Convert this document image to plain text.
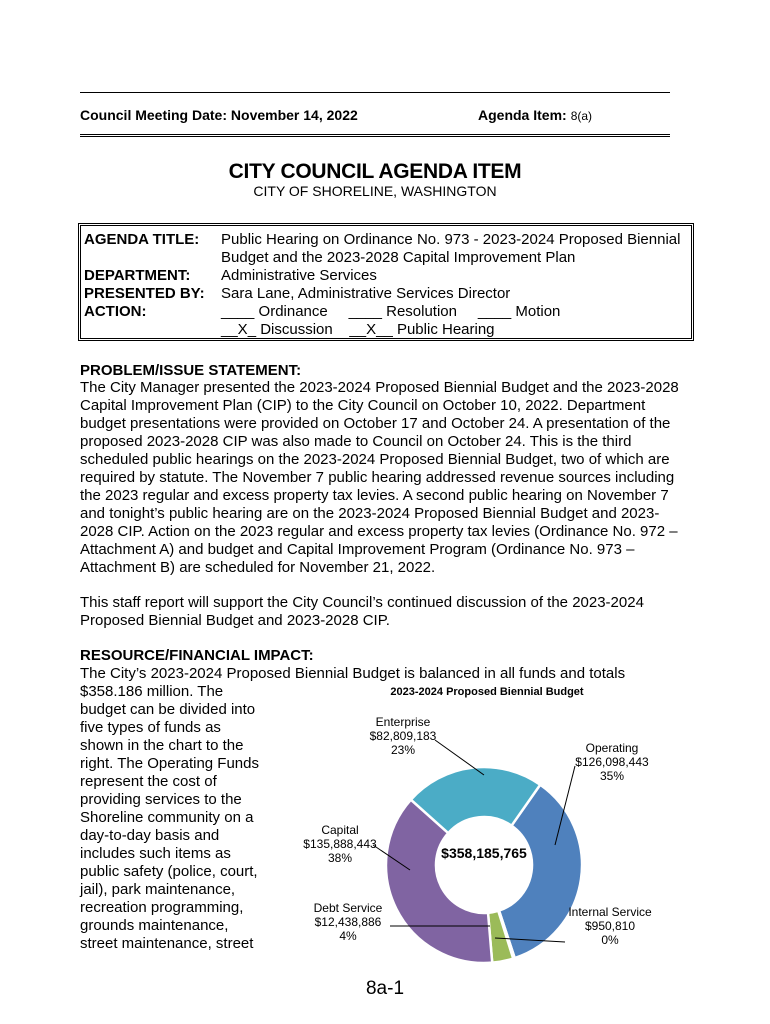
Council Meeting Date: November 14, 2022	Agenda Item: 8(a)
CITY COUNCIL AGENDA ITEM
CITY OF SHORELINE, WASHINGTON
AGENDA TITLE: Public Hearing on Ordinance No. 973 - 2023-2024 Proposed Biennial
Budget and the 2023-2028 Capital Improvement Plan
DEPARTMENT: Administrative Services
PRESENTED BY: Sara Lane, Administrative Services Director
ACTION:	____ Ordinance     ____ Resolution     ____ Motion
__X_ Discussion    __X__ Public Hearing
PROBLEM/ISSUE STATEMENT:
The City Manager presented the 2023-2024 Proposed Biennial Budget and the 2023-2028
Capital Improvement Plan (CIP) to the City Council on October 10, 2022. Department
budget presentations were provided on October 17 and October 24. A presentation of the
proposed 2023-2028 CIP was also made to Council on October 24. This is the third
scheduled public hearings on the 2023-2024 Proposed Biennial Budget, two of which are
required by statute. The November 7 public hearing addressed revenue sources including
the 2023 regular and excess property tax levies. A second public hearing on November 7
and tonight’s public hearing are on the 2023-2024 Proposed Biennial Budget and 2023-
2028 CIP. Action on the 2023 regular and excess property tax levies (Ordinance No. 972 –
Attachment A) and budget and Capital Improvement Program (Ordinance No. 973 –
Attachment B) are scheduled for November 21, 2022.
This staff report will support the City Council’s continued discussion of the 2023-2024
Proposed Biennial Budget and 2023-2028 CIP.
RESOURCE/FINANCIAL IMPACT:
The City’s 2023-2024 Proposed Biennial Budget is balanced in all funds and totals
$358.186 million. The
budget can be divided into
five types of funds as
shown in the chart to the
right. The Operating Funds
represent the cost of
providing services to the
Shoreline community on a
day-to-day basis and
includes such items as
public safety (police, court,
jail), park maintenance,
recreation programming,
grounds maintenance,
street maintenance, street
2023-2024 Proposed Biennial Budget
$358,185,765
Operating
$126,098,443
35%
Internal Service
$950,810
0%
Debt Service
$12,438,886
4%
Capital
$135,888,443
38%
Enterprise
$82,809,183
23%
8a-1
